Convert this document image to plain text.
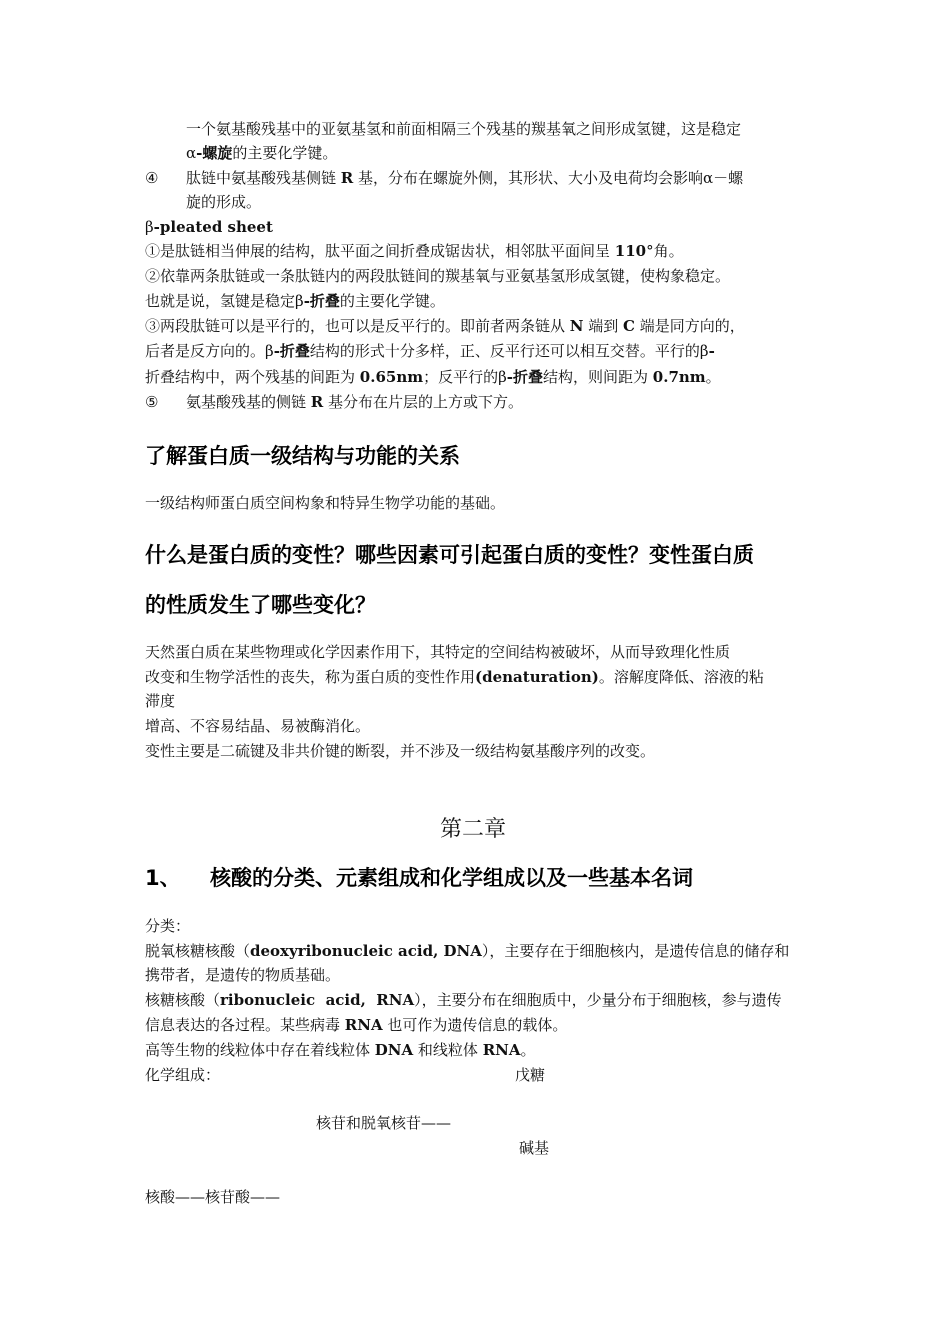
一个氨基酸残基中的亚氨基氢和前面相隔三个残基的羰基氧之间形成氢键，这是稳定
α-螺旋的主要化学键。
④ 肽链中氨基酸残基侧链 R 基，分布在螺旋外侧，其形状、大小及电荷均会影响α－螺
旋的形成。
β-pleated sheet
①是肽链相当伸展的结构，肽平面之间折叠成锯齿状，相邻肽平面间呈 110°角。
②依靠两条肽链或一条肽链内的两段肽链间的羰基氧与亚氨基氢形成氢键，使构象稳定。
也就是说，氢键是稳定β-折叠的主要化学键。
③两段肽链可以是平行的，也可以是反平行的。即前者两条链从 N 端到 C 端是同方向的，
后者是反方向的。β-折叠结构的形式十分多样，正、反平行还可以相互交替。平行的β-
折叠结构中，两个残基的间距为 0.65nm；反平行的β-折叠结构，则间距为 0.7nm。
⑤ 氨基酸残基的侧链 R 基分布在片层的上方或下方。
了解蛋白质一级结构与功能的关系
一级结构师蛋白质空间构象和特异生物学功能的基础。
什么是蛋白质的变性？哪些因素可引起蛋白质的变性？变性蛋白质
的性质发生了哪些变化？
天然蛋白质在某些物理或化学因素作用下，其特定的空间结构被破坏，从而导致理化性质
改变和生物学活性的丧失，称为蛋白质的变性作用(denaturation)。溶解度降低、溶液的粘
滞度
增高、不容易结晶、易被酶消化。
变性主要是二硫键及非共价键的断裂，并不涉及一级结构氨基酸序列的改变。
第二章
1、 核酸的分类、元素组成和化学组成以及一些基本名词
分类：
脱氧核糖核酸（deoxyribonucleic acid, DNA），主要存在于细胞核内，是遗传信息的储存和
携带者，是遗传的物质基础。
核糖核酸（ribonucleic  acid,  RNA），主要分布在细胞质中，少量分布于细胞核，参与遗传
信息表达的各过程。某些病毒 RNA 也可作为遗传信息的载体。
高等生物的线粒体中存在着线粒体 DNA 和线粒体 RNA。
化学组成：	戊糖
核苷和脱氧核苷——
碱基
核酸——核苷酸——
